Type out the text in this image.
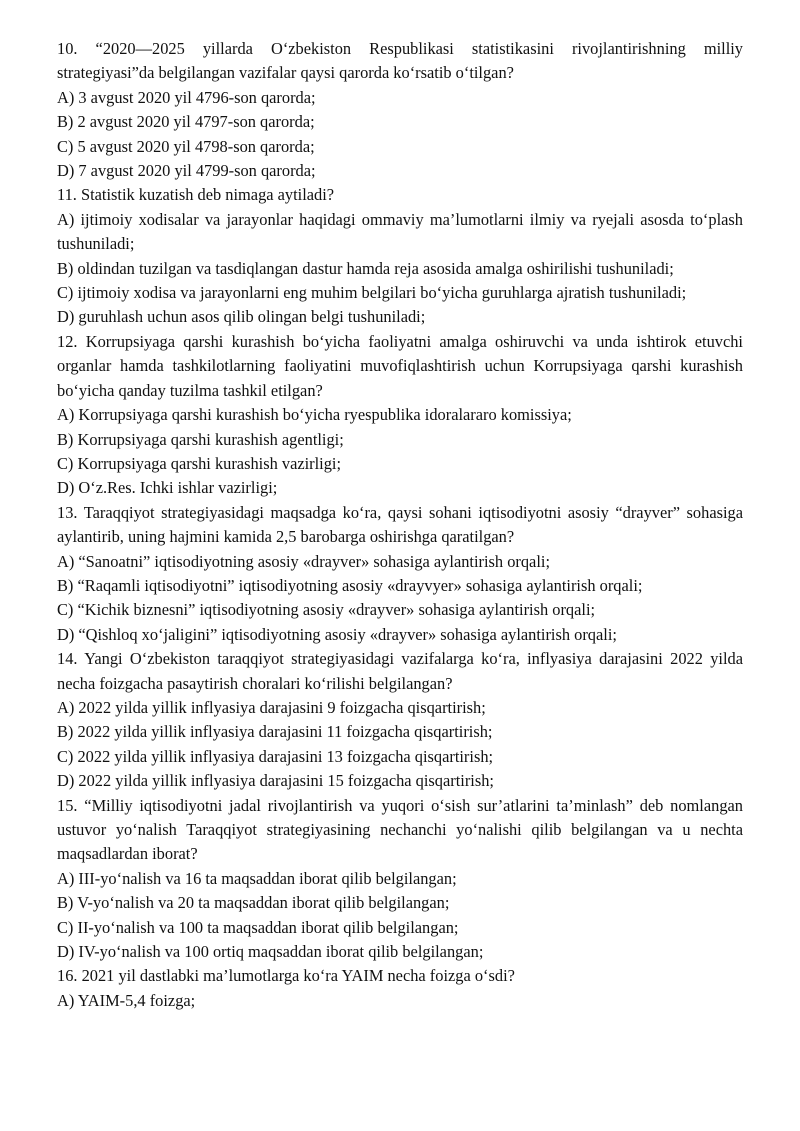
10. “2020—2025 yillarda O‘zbekiston Respublikasi statistikasini rivojlantirishning milliy strategiyasi”da belgilangan vazifalar qaysi qarorda ko‘rsatib o‘tilgan?

A) 3 avgust 2020 yil 4796-son qarorda;

B) 2 avgust 2020 yil 4797-son qarorda;

C) 5 avgust 2020 yil 4798-son qarorda;

D) 7 avgust 2020 yil 4799-son qarorda;

11. Statistik kuzatish deb nimaga aytiladi?

A) ijtimoiy xodisalar va jarayonlar haqidagi ommaviy ma’lumotlarni ilmiy va ryejali asosda to‘plash tushuniladi;

B) oldindan tuzilgan va tasdiqlangan dastur hamda reja asosida amalga oshirilishi tushuniladi;

C) ijtimoiy xodisa va jarayonlarni eng muhim belgilari bo‘yicha guruhlarga ajratish tushuniladi;

D) guruhlash uchun asos qilib olingan belgi tushuniladi;

12. Korrupsiyaga qarshi kurashish bo‘yicha faoliyatni amalga oshiruvchi va unda ishtirok etuvchi organlar hamda tashkilotlarning faoliyatini muvofiqlashtirish uchun Korrupsiyaga qarshi kurashish bo‘yicha qanday tuzilma tashkil etilgan?

A) Korrupsiyaga qarshi kurashish bo‘yicha ryespublika idoralararo komissiya;

B) Korrupsiyaga qarshi kurashish agentligi;

C) Korrupsiyaga qarshi kurashish vazirligi;

D) O‘z.Res. Ichki ishlar vazirligi;

13. Taraqqiyot strategiyasidagi maqsadga ko‘ra, qaysi sohani iqtisodiyotni asosiy “drayver” sohasiga aylantirib, uning hajmini kamida 2,5 barobarga oshirishga qaratilgan?

A) “Sanoatni” iqtisodiyotning asosiy «drayver» sohasiga aylantirish orqali;

B) “Raqamli iqtisodiyotni” iqtisodiyotning asosiy «drayvyer» sohasiga aylantirish orqali;

C) “Kichik biznesni” iqtisodiyotning asosiy «drayver» sohasiga aylantirish orqali;

D) “Qishloq xo‘jaligini” iqtisodiyotning asosiy «drayver» sohasiga aylantirish orqali;

14. Yangi O‘zbekiston taraqqiyot strategiyasidagi vazifalarga ko‘ra, inflyasiya darajasini 2022 yilda necha foizgacha pasaytirish choralari ko‘rilishi belgilangan?

A) 2022 yilda yillik inflyasiya darajasini 9 foizgacha qisqartirish;

B) 2022 yilda yillik inflyasiya darajasini 11 foizgacha qisqartirish;

C) 2022 yilda yillik inflyasiya darajasini 13 foizgacha qisqartirish;

D) 2022 yilda yillik inflyasiya darajasini 15 foizgacha qisqartirish;

15. “Milliy iqtisodiyotni jadal rivojlantirish va yuqori o‘sish sur’atlarini ta’minlash” deb nomlangan ustuvor yo‘nalish Taraqqiyot strategiyasining nechanchi yo‘nalishi qilib belgilangan va u nechta maqsadlardan iborat?

A) III-yo‘nalish va 16 ta maqsaddan iborat qilib belgilangan;

B) V-yo‘nalish va 20 ta maqsaddan iborat qilib belgilangan;

C) II-yo‘nalish va 100 ta maqsaddan iborat qilib belgilangan;

D) IV-yo‘nalish va 100 ortiq maqsaddan iborat qilib belgilangan;

16. 2021 yil dastlabki ma’lumotlarga ko‘ra YAIM necha foizga o‘sdi?

A) YAIM-5,4 foizga;
